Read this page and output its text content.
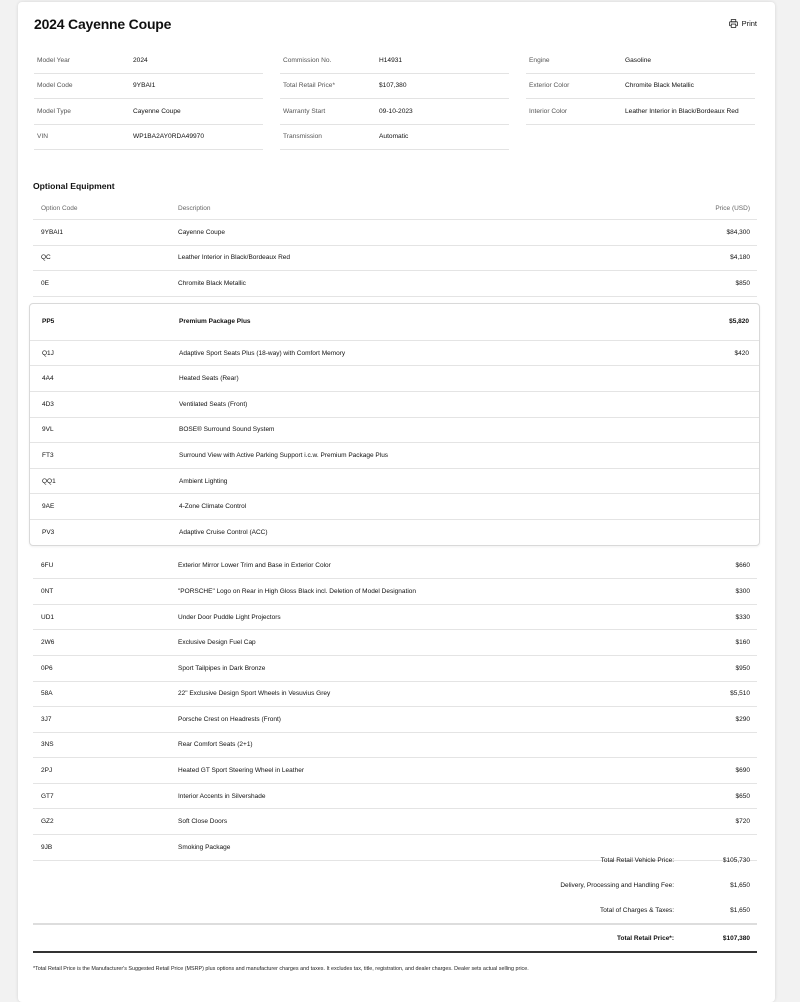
2024 Cayenne Coupe	Print
Model Year	2024
Model Code	9YBAI1
Model Type	Cayenne Coupe
VIN	WP1BA2AY0RDA49970
Commission No.	H14931
Total Retail Price*	$107,380
Warranty Start	09-10-2023
Transmission	Automatic
Engine	Gasoline
Exterior Color	Chromite Black Metallic
Interior Color	Leather Interior in Black/Bordeaux Red
Optional Equipment
Option Code	Description	Price (USD)
9YBAI1	Cayenne Coupe	$84,300
QC	Leather Interior in Black/Bordeaux Red	$4,180
0E	Chromite Black Metallic	$850
PP5	Premium Package Plus	$5,820
Q1J	Adaptive Sport Seats Plus (18-way) with Comfort Memory	$420
4A4	Heated Seats (Rear)
4D3	Ventilated Seats (Front)
9VL	BOSE® Surround Sound System
FT3	Surround View with Active Parking Support i.c.w. Premium Package Plus
QQ1	Ambient Lighting
9AE	4-Zone Climate Control
PV3	Adaptive Cruise Control (ACC)
6FU	Exterior Mirror Lower Trim and Base in Exterior Color	$660
0NT	"PORSCHE" Logo on Rear in High Gloss Black incl. Deletion of Model Designation	$300
UD1	Under Door Puddle Light Projectors	$330
2W6	Exclusive Design Fuel Cap	$160
0P6	Sport Tailpipes in Dark Bronze	$950
58A	22" Exclusive Design Sport Wheels in Vesuvius Grey	$5,510
3J7	Porsche Crest on Headrests (Front)	$290
3NS	Rear Comfort Seats (2+1)
2PJ	Heated GT Sport Steering Wheel in Leather	$690
GT7	Interior Accents in Silvershade	$650
GZ2	Soft Close Doors	$720
9JB	Smoking Package
Total Retail Vehicle Price:	$105,730
Delivery, Processing and Handling Fee:	$1,650
Total of Charges & Taxes:	$1,650
Total Retail Price*:	$107,380
*Total Retail Price is the Manufacturer's Suggested Retail Price (MSRP) plus options and manufacturer charges and taxes. It excludes tax, title, registration, and dealer charges. Dealer sets actual selling price.
